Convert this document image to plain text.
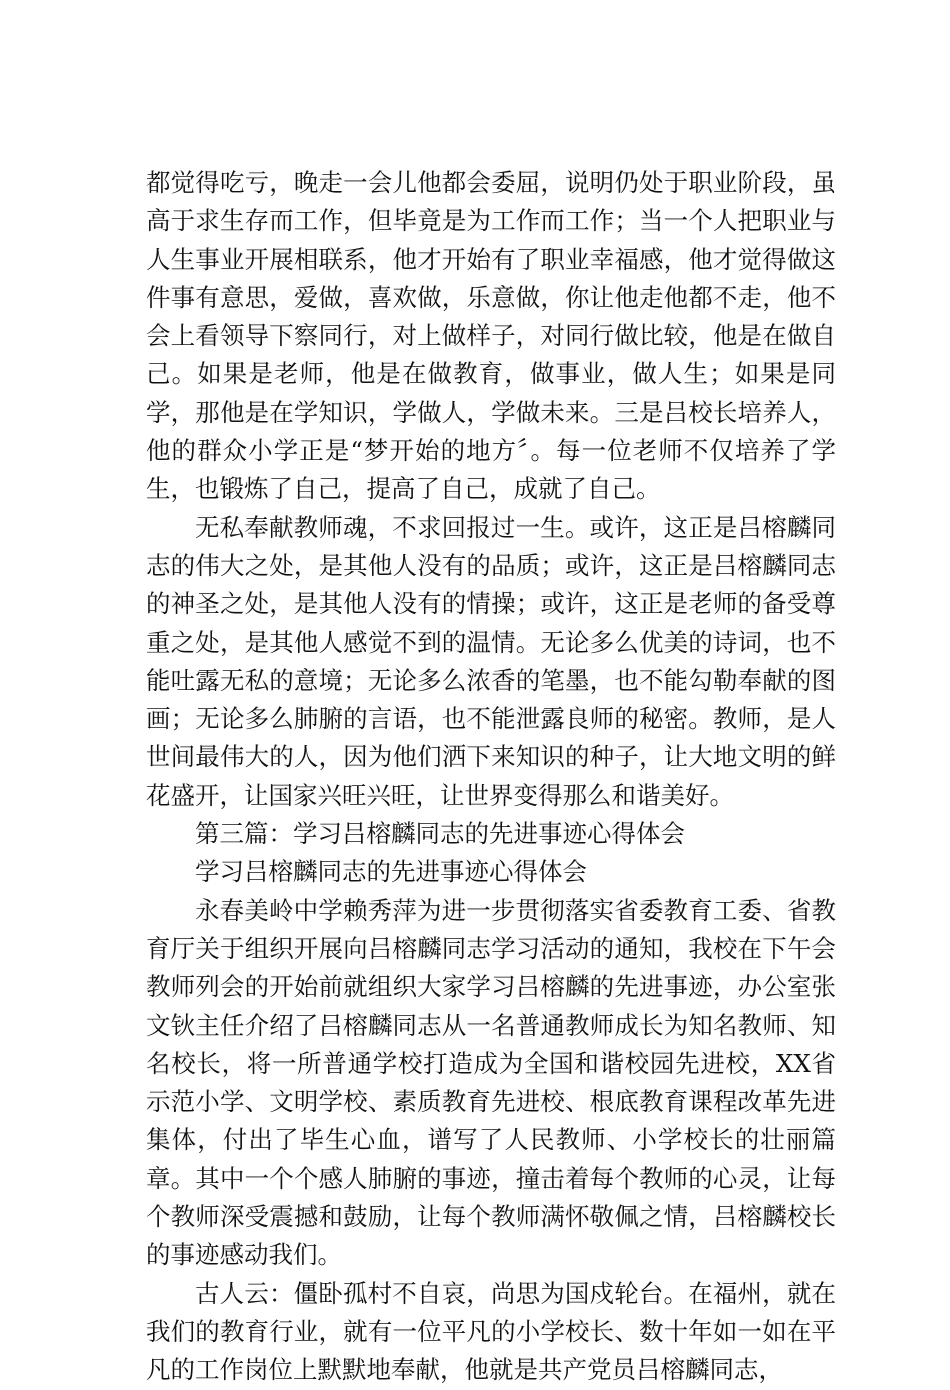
都觉得吃亏，晚走一会儿他都会委屈，说明仍处于职业阶段，虽高于求生存而工作，但毕竟是为工作而工作；当一个人把职业与人生事业开展相联系，他才开始有了职业幸福感，他才觉得做这件事有意思，爱做，喜欢做，乐意做，你让他走他都不走，他不会上看领导下察同行，对上做样子，对同行做比较，他是在做自己。如果是老师，他是在做教育，做事业，做人生；如果是同学，那他是在学知识，学做人，学做未来。三是吕校长培养人，他的群众小学正是“梦开始的地方〞。每一位老师不仅培养了学生，也锻炼了自己，提高了自己，成就了自己。

无私奉献教师魂，不求回报过一生。或许，这正是吕榕麟同志的伟大之处，是其他人没有的品质；或许，这正是吕榕麟同志的神圣之处，是其他人没有的情操；或许，这正是老师的备受尊重之处，是其他人感觉不到的温情。无论多么优美的诗词，也不能吐露无私的意境；无论多么浓香的笔墨，也不能勾勒奉献的图画；无论多么肺腑的言语，也不能泄露良师的秘密。教师，是人世间最伟大的人，因为他们洒下来知识的种子，让大地文明的鲜花盛开，让国家兴旺兴旺，让世界变得那么和谐美好。

第三篇：学习吕榕麟同志的先进事迹心得体会

学习吕榕麟同志的先进事迹心得体会

永春美岭中学赖秀萍为进一步贯彻落实省委教育工委、省教育厅关于组织开展向吕榕麟同志学习活动的通知，我校在下午会教师列会的开始前就组织大家学习吕榕麟的先进事迹，办公室张文钬主任介绍了吕榕麟同志从一名普通教师成长为知名教师、知名校长，将一所普通学校打造成为全国和谐校园先进校，XX省示范小学、文明学校、素质教育先进校、根底教育课程改革先进集体，付出了毕生心血，谱写了人民教师、小学校长的壮丽篇章。其中一个个感人肺腑的事迹，撞击着每个教师的心灵，让每个教师深受震撼和鼓励，让每个教师满怀敬佩之情，吕榕麟校长的事迹感动我们。

古人云：僵卧孤村不自哀，尚思为国戍轮台。在福州，就在我们的教育行业，就有一位平凡的小学校长、数十年如一如在平凡的工作岗位上默默地奉献，他就是共产党员吕榕麟同志，
